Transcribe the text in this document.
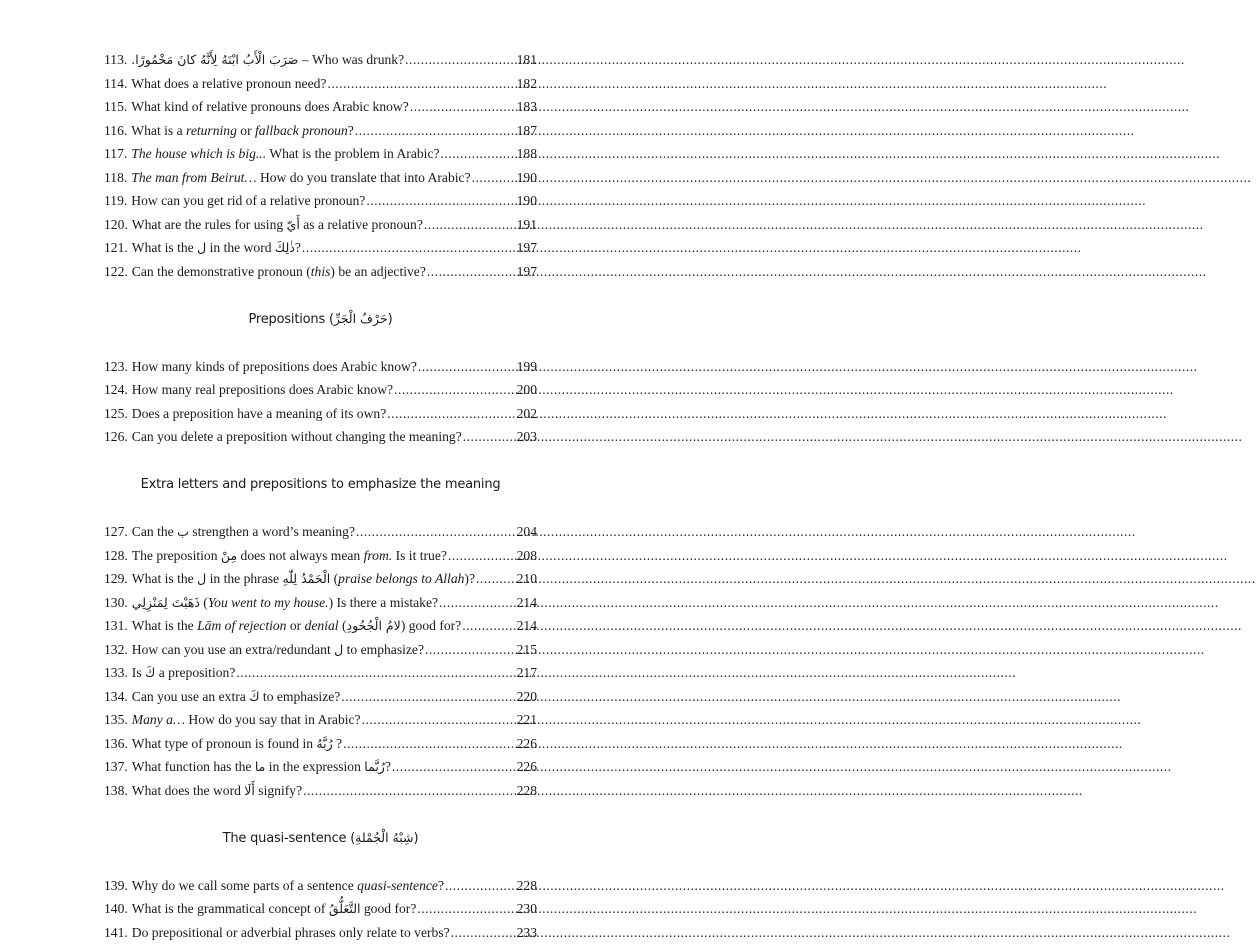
113. صَرَبَ الْأَبُ ابْنَهُ لِأَنَّهُ كانَ مَخْمُورًا. – Who was drunk? .....	181
114. What does a relative pronoun need? .....	182
115. What kind of relative pronouns does Arabic know? .....	183
116. What is a returning or fallback pronoun? .....	187
117. The house which is big... What is the problem in Arabic? .....	188
118. The man from Beirut… How do you translate that into Arabic? .....	190
119. How can you get rid of a relative pronoun? .....	190
120. What are the rules for using أَيّ as a relative pronoun? .....	191
121. What is the ل in the word ذٰلِكَ? .....	197
122. Can the demonstrative pronoun (this) be an adjective? .....	197
Prepositions (حَرْفُ الْجَرِّ)
123. How many kinds of prepositions does Arabic know? .....	199
124. How many real prepositions does Arabic know? .....	200
125. Does a preposition have a meaning of its own? .....	202
126. Can you delete a preposition without changing the meaning? .....	203
Extra letters and prepositions to emphasize the meaning
127. Can the ب strengthen a word’s meaning? .....	204
128. The preposition مِنْ does not always mean from. Is it true? .....	208
129. What is the ل in the phrase الْحَمْدُ لِلّٰهِ (praise belongs to Allah)? .....	210
130. ذَهَبْتَ لِمَنْزِلِي (You went to my house.) Is there a mistake? .....	214
131. What is the Lām of rejection or denial (لامُ الْجُحُودِ) good for? .....	214
132. How can you use an extra/redundant ل to emphasize? .....	215
133. Is كَ a preposition? .....	217
134. Can you use an extra كَ to emphasize? .....	220
135. Many a… How do you say that in Arabic? .....	221
136. What type of pronoun is found in رُبَّهُ ? .....	226
137. What function has the ما in the expression رُبَّما? .....	226
138. What does the word أَلَا signify? .....	228
The quasi-sentence (شِبْهُ الْجُمْلةِ)
139. Why do we call some parts of a sentence quasi-sentence? .....	228
140. What is the grammatical concept of التَّعَلُّقُ good for? .....	230
141. Do prepositional or adverbial phrases only relate to verbs? .....	233
